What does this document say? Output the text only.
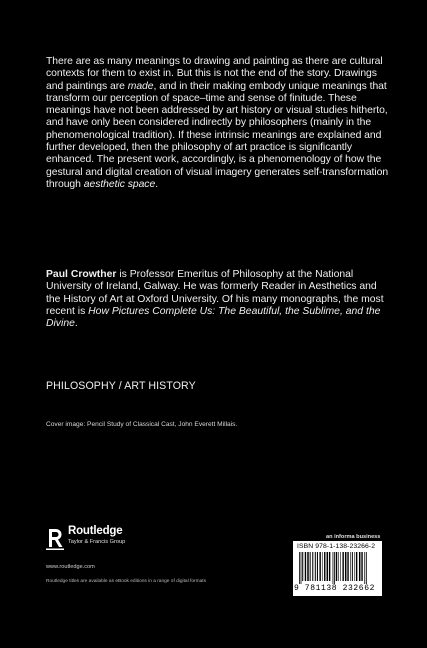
There are as many meanings to drawing and painting as there are cultural contexts for them to exist in. But this is not the end of the story. Drawings and paintings are made, and in their making embody unique meanings that transform our perception of space–time and sense of finitude. These meanings have not been addressed by art history or visual studies hitherto, and have only been considered indirectly by philosophers (mainly in the phenomenological tradition). If these intrinsic meanings are explained and further developed, then the philosophy of art practice is significantly enhanced. The present work, accordingly, is a phenomenology of how the gestural and digital creation of visual imagery generates self-transformation through aesthetic space.

Paul Crowther is Professor Emeritus of Philosophy at the National University of Ireland, Galway. He was formerly Reader in Aesthetics and the History of Art at Oxford University. Of his many monographs, the most recent is How Pictures Complete Us: The Beautiful, the Sublime, and the Divine.

PHILOSOPHY / ART HISTORY
Cover image: Pencil Study of Classical Cast, John Everett Millais.
Routledge
Taylor & Francis Group
www.routledge.com
Routledge titles are available as eBook editions in a range of digital formats
an informa business
ISBN 978-1-138-23266-2
9 781138 232662
